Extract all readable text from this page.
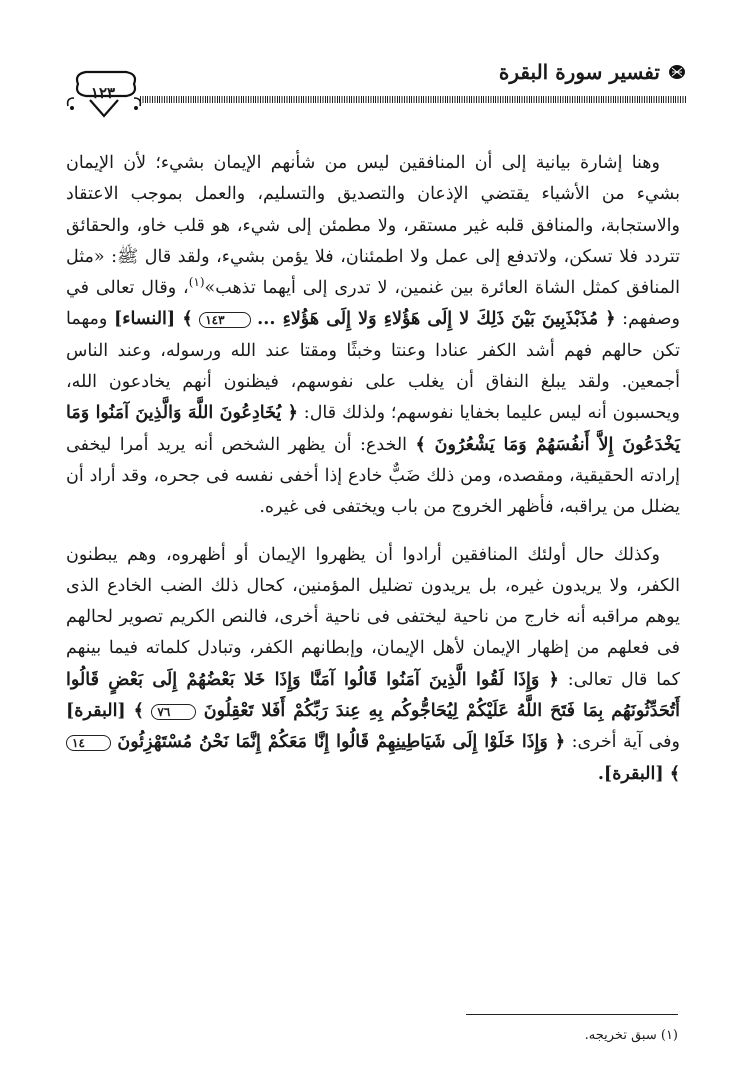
تفسير سورة البقرة
١٢٣

وهنا إشارة بيانية إلى أن المنافقين ليس من شأنهم الإيمان بشيء؛ لأن الإيمان بشيء من الأشياء يقتضي الإذعان والتصديق والتسليم، والعمل بموجب الاعتقاد والاستجابة، والمنافق قلبه غير مستقر، ولا مطمئن إلى شيء، هو قلب خاو، والحقائق تتردد فلا تسكن، ولاتدفع إلى عمل ولا اطمئنان، فلا يؤمن بشيء، ولقد قال ﷺ: «مثل المنافق كمثل الشاة العائرة بين غنمين، لا تدرى إلى أيهما تذهب»$^{(١)}$، وقال تعالى في وصفهم: ﴿ مُذَبْذَبِينَ بَيْنَ ذَلِكَ لا إِلَى هَؤُلاءِ وَلا إِلَى هَؤُلاءِ ... ١٤٣ ﴾ [النساء] ومهما تكن حالهم فهم أشد الكفر عنادا وعنتا وخبثًا ومقتا عند الله ورسوله، وعند الناس أجمعين. ولقد يبلغ النفاق أن يغلب على نفوسهم، فيظنون أنهم يخادعون الله، ويحسبون أنه ليس عليما بخفايا نفوسهم؛ ولذلك قال: ﴿ يُخَادِعُونَ اللَّهَ وَالَّذِينَ آمَنُوا وَمَا يَخْدَعُونَ إِلاَّ أَنفُسَهُمْ وَمَا يَشْعُرُونَ ﴾ الخدع: أن يظهر الشخص أنه يريد أمرا ليخفى إرادته الحقيقية، ومقصده، ومن ذلك ضَبٌّ خادع إذا أخفى نفسه فى جحره، وقد أراد أن يضلل من يراقبه، فأظهر الخروج من باب ويختفى فى غيره.

وكذلك حال أولئك المنافقين أرادوا أن يظهروا الإيمان أو أظهروه، وهم يبطنون الكفر، ولا يريدون غيره، بل يريدون تضليل المؤمنين، كحال ذلك الضب الخادع الذى يوهم مراقبه أنه خارج من ناحية ليختفى فى ناحية أخرى، فالنص الكريم تصوير لحالهم فى فعلهم من إظهار الإيمان لأهل الإيمان، وإبطانهم الكفر، وتبادل كلماته فيما بينهم كما قال تعالى: ﴿ وَإِذَا لَقُوا الَّذِينَ آمَنُوا قَالُوا آمَنَّا وَإِذَا خَلا بَعْضُهُمْ إِلَى بَعْضٍ قَالُوا أَتُحَدِّثُونَهُم بِمَا فَتَحَ اللَّهُ عَلَيْكُمْ لِيُحَاجُّوكُم بِهِ عِندَ رَبِّكُمْ أَفَلا تَعْقِلُونَ ٧٦ ﴾ [البقرة] وفى آية أخرى: ﴿ وَإِذَا خَلَوْا إِلَى شَيَاطِينِهِمْ قَالُوا إِنَّا مَعَكُمْ إِنَّمَا نَحْنُ مُسْتَهْزِئُونَ ١٤ ﴾ [البقرة].

(١) سبق تخريجه.
